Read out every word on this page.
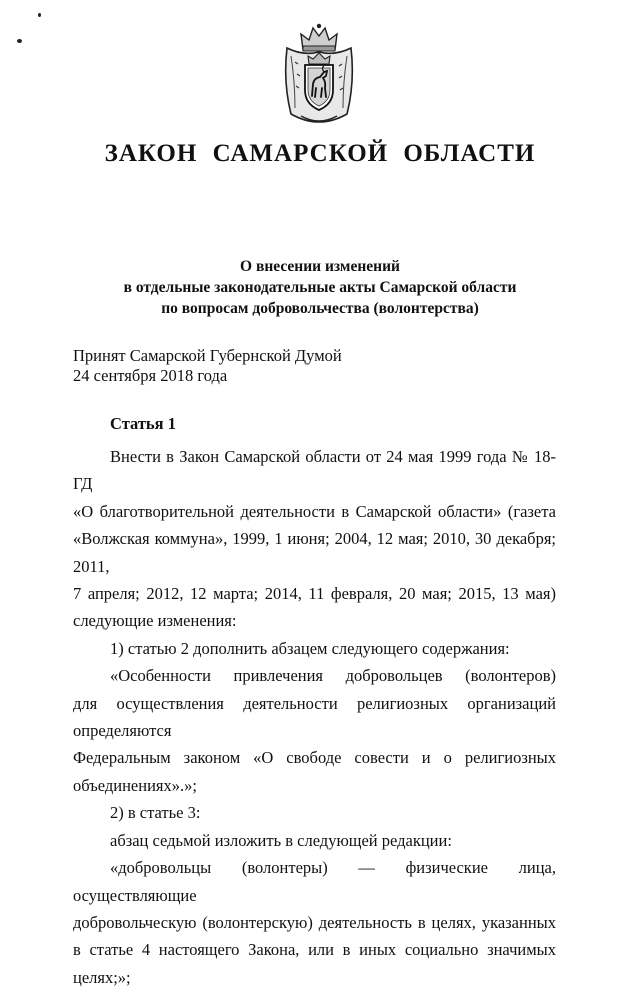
ЗАКОН САМАРСКОЙ ОБЛАСТИ
О внесении изменений
в отдельные законодательные акты Самарской области
по вопросам добровольчества (волонтерства)
Принят Самарской Губернской Думой
24 сентября 2018 года
Статья 1

Внести в Закон Самарской области от 24 мая 1999 года № 18-ГД

«О благотворительной деятельности в Самарской области» (газета

«Волжская коммуна», 1999, 1 июня; 2004, 12 мая; 2010, 30 декабря; 2011,

7 апреля; 2012, 12 марта; 2014, 11 февраля, 20 мая; 2015, 13 мая)

следующие изменения:

1) статью 2 дополнить абзацем следующего содержания:

«Особенности привлечения добровольцев (волонтеров)

для осуществления деятельности религиозных организаций определяются

Федеральным законом «О свободе совести и о религиозных

объединениях».»;

2) в статье 3:

абзац седьмой изложить в следующей редакции:

«добровольцы (волонтеры) — физические лица, осуществляющие

добровольческую (волонтерскую) деятельность в целях, указанных

в статье 4 настоящего Закона, или в иных социально значимых целях;»;
